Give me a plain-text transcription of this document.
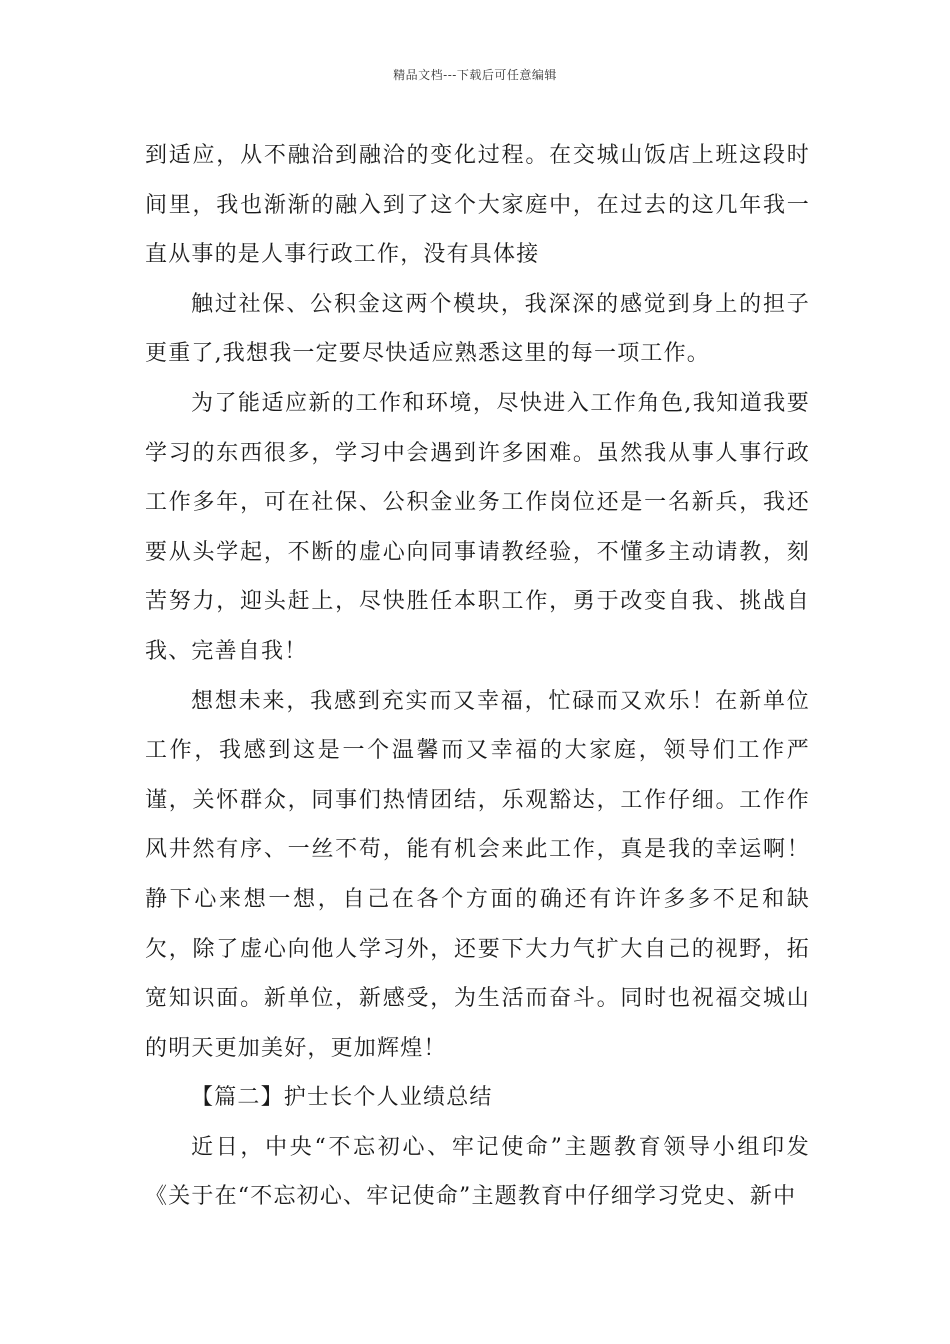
精品文档---下载后可任意编辑

到适应，从不融洽到融洽的变化过程。在交城山饭店上班这段时间里，我也渐渐的融入到了这个大家庭中，在过去的这几年我一直从事的是人事行政工作，没有具体接

触过社保、公积金这两个模块，我深深的感觉到身上的担子更重了,我想我一定要尽快适应熟悉这里的每一项工作。

为了能适应新的工作和环境，尽快进入工作角色,我知道我要学习的东西很多，学习中会遇到许多困难。虽然我从事人事行政工作多年，可在社保、公积金业务工作岗位还是一名新兵，我还要从头学起，不断的虚心向同事请教经验，不懂多主动请教，刻苦努力，迎头赶上，尽快胜任本职工作，勇于改变自我、挑战自我、完善自我！

想想未来，我感到充实而又幸福，忙碌而又欢乐！在新单位工作，我感到这是一个温馨而又幸福的大家庭，领导们工作严谨，关怀群众，同事们热情团结，乐观豁达，工作仔细。工作作风井然有序、一丝不苟，能有机会来此工作，真是我的幸运啊！静下心来想一想，自己在各个方面的确还有许许多多不足和缺欠，除了虚心向他人学习外，还要下大力气扩大自己的视野，拓宽知识面。新单位，新感受，为生活而奋斗。同时也祝福交城山的明天更加美好，更加辉煌！

【篇二】护士长个人业绩总结

近日，中央“不忘初心、牢记使命”主题教育领导小组印发《关于在“不忘初心、牢记使命”主题教育中仔细学习党史、新中
